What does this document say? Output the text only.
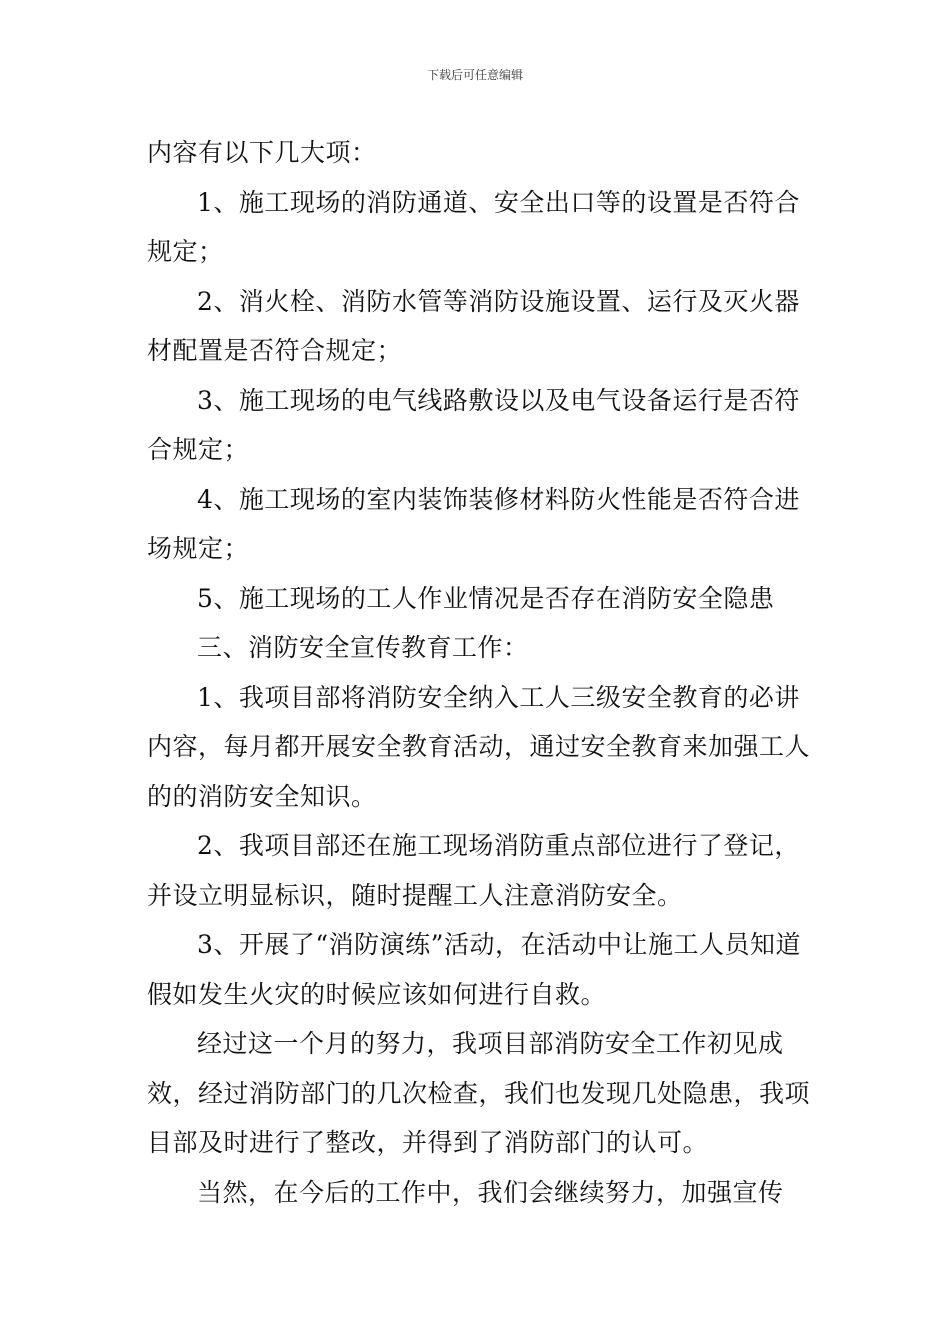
下载后可任意编辑

内容有以下几大项：

1、施工现场的消防通道、安全出口等的设置是否符合规定；

2、消火栓、消防水管等消防设施设置、运行及灭火器材配置是否符合规定；

3、施工现场的电气线路敷设以及电气设备运行是否符合规定；

4、施工现场的室内装饰装修材料防火性能是否符合进场规定；

5、施工现场的工人作业情况是否存在消防安全隐患

三、消防安全宣传教育工作：

1、我项目部将消防安全纳入工人三级安全教育的必讲内容，每月都开展安全教育活动，通过安全教育来加强工人的的消防安全知识。

2、我项目部还在施工现场消防重点部位进行了登记，并设立明显标识，随时提醒工人注意消防安全。

3、开展了“消防演练”活动，在活动中让施工人员知道假如发生火灾的时候应该如何进行自救。

经过这一个月的努力，我项目部消防安全工作初见成效，经过消防部门的几次检查，我们也发现几处隐患，我项目部及时进行了整改，并得到了消防部门的认可。

当然，在今后的工作中，我们会继续努力，加强宣传
